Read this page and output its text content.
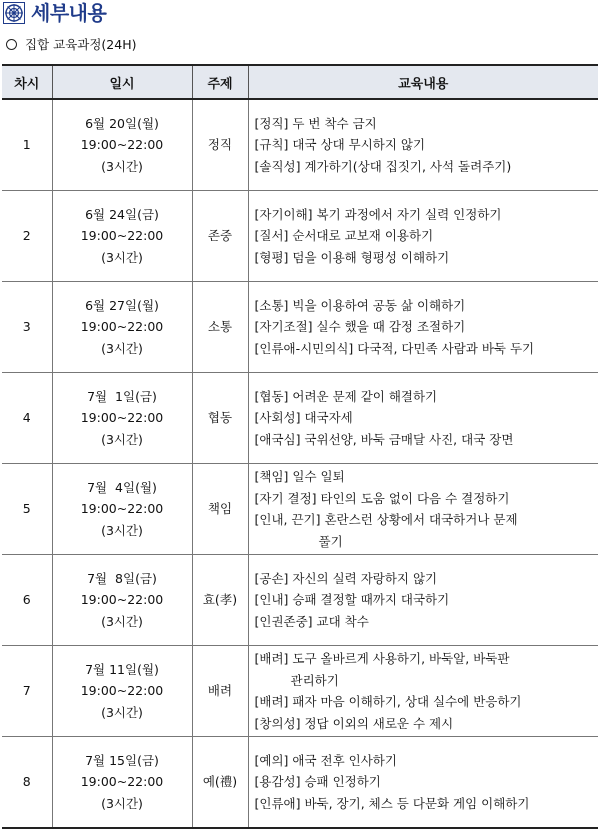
세부내용
집합 교육과정(24H)
차시	일시	주제	교육내용
1	6월 20일(월)
19:00~22:00
(3시간)	정직	[정직] 두 번 착수 금지
[규칙] 대국 상대 무시하지 않기
[솔직성] 계가하기(상대 집짓기, 사석 돌려주기)

2	6월 24일(금)
19:00~22:00
(3시간)	존중	[자기이해] 복기 과정에서 자기 실력 인정하기
[질서] 순서대로 교보재 이용하기
[형평] 덤을 이용해 형평성 이해하기

3	6월 27일(월)
19:00~22:00
(3시간)	소통	[소통] 빅을 이용하여 공동 삶 이해하기
[자기조절] 실수 했을 때 감정 조절하기
[인류애-시민의식] 다국적, 다민족 사람과 바둑 두기

4	7월  1일(금)
19:00~22:00
(3시간)	협동	[협동] 어려운 문제 같이 해결하기
[사회성] 대국자세
[애국심] 국위선양, 바둑 금매달 사진, 대국 장면

5	7월  4일(월)
19:00~22:00
(3시간)	책임	[책임] 일수 일퇴
[자기 결정] 타인의 도움 없이 다음 수 결정하기
[인내, 끈기] 혼란스런 상황에서 대국하거나 문제
풀기

6	7월  8일(금)
19:00~22:00
(3시간)	효(孝)	[공손] 자신의 실력 자랑하지 않기
[인내] 승패 결정할 때까지 대국하기
[인권존중] 교대 착수

7	7월 11일(월)
19:00~22:00
(3시간)	배려	[배려] 도구 올바르게 사용하기, 바둑알, 바둑판
관리하기
[배려] 패자 마음 이해하기, 상대 실수에 반응하기
[창의성] 정답 이외의 새로운 수 제시

8	7월 15일(금)
19:00~22:00
(3시간)	예(禮)	[예의] 애국 전후 인사하기
[용감성] 승패 인정하기
[인류애] 바둑, 장기, 체스 등 다문화 게임 이해하기
